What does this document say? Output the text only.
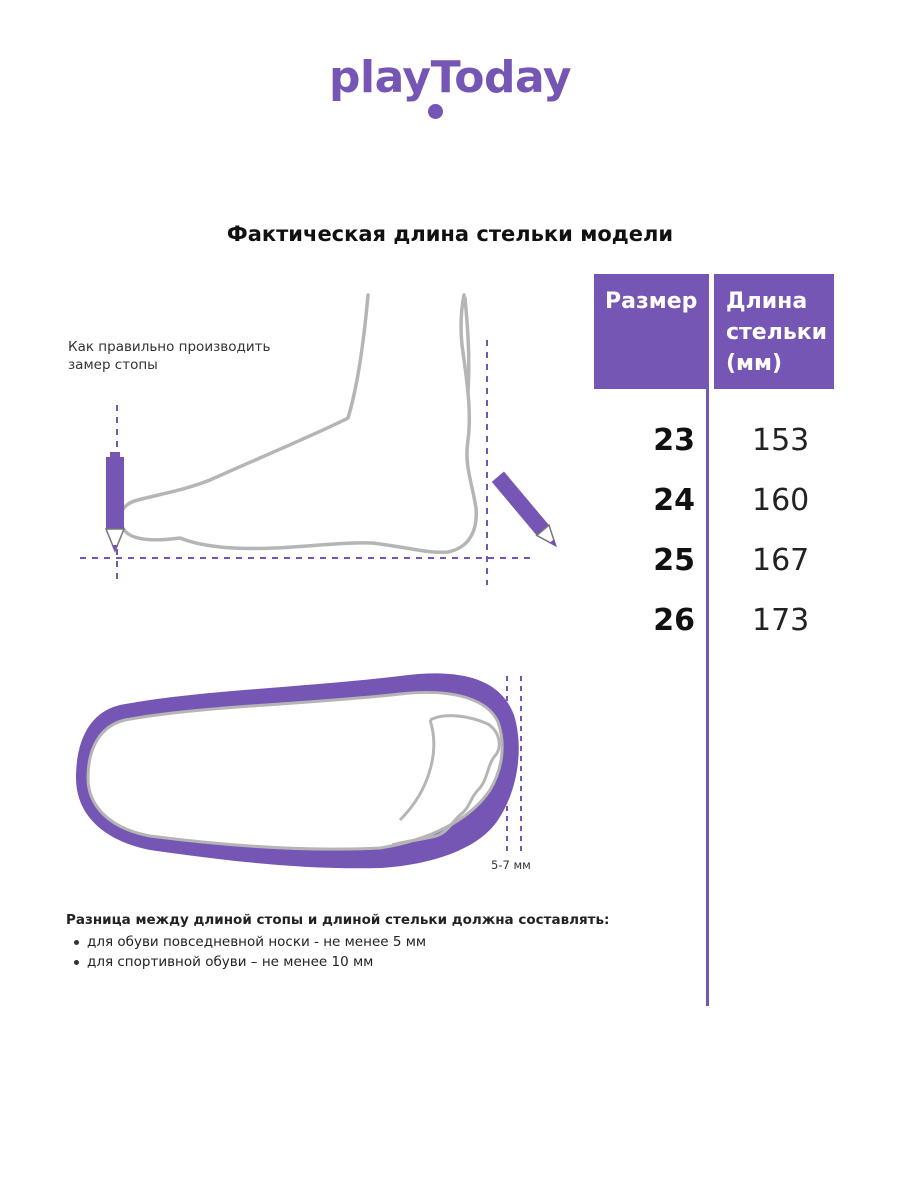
playToday
Фактическая длина стельки модели
Как правильно производить
замер стопы
5-7 мм
Размер	Длина
стельки
(мм)
23 153
24 160
25 167
26 173
Разница между длиной стопы и длиной стельки должна составлять:
для обуви повседневной носки - не менее 5 мм
для спортивной обуви – не менее 10 мм
